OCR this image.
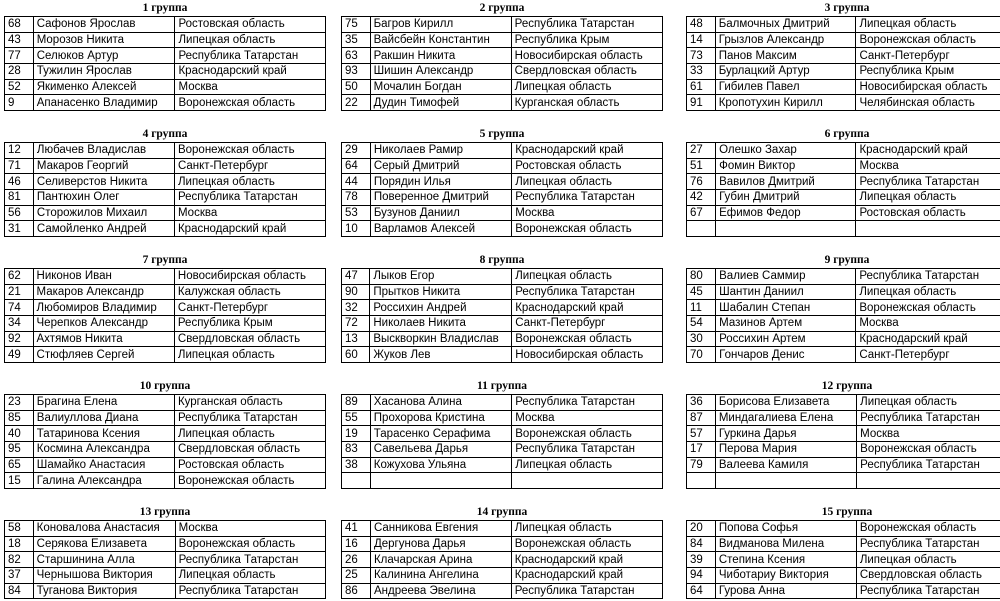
1 группа
68	Сафонов Ярослав	Ростовская область
43	Морозов Никита	Липецкая область
77	Селюков Артур	Республика Татарстан
28	Тужилин Ярослав	Краснодарский край
52	Якименко Алексей	Москва
9	Апанасенко Владимир	Воронежская область
2 группа
75	Багров Кирилл	Республика Татарстан
35	Вайсбейн Константин	Республика Крым
63	Ракшин Никита	Новосибирская область
93	Шишин Александр	Свердловская область
50	Мочалин Богдан	Липецкая область
22	Дудин Тимофей	Курганская область
3 группа
48	Балмочных Дмитрий	Липецкая область
14	Грызлов Александр	Воронежская область
73	Панов Максим	Санкт-Петербург
33	Бурлацкий Артур	Республика Крым
61	Гибилев Павел	Новосибирская область
91	Кропотухин Кирилл	Челябинская область
4 группа
12	Любачев Владислав	Воронежская область
71	Макаров Георгий	Санкт-Петербург
46	Селиверстов Никита	Липецкая область
81	Пантюхин Олег	Республика Татарстан
56	Сторожилов Михаил	Москва
31	Самойленко Андрей	Краснодарский край
5 группа
29	Николаев Рамир	Краснодарский край
64	Серый Дмитрий	Ростовская область
44	Порядин Илья	Липецкая область
78	Поверенное Дмитрий	Республика Татарстан
53	Бузунов Даниил	Москва
10	Варламов Алексей	Воронежская область
6 группа
27	Олешко Захар	Краснодарский край
51	Фомин Виктор	Москва
76	Вавилов Дмитрий	Республика Татарстан
42	Губин Дмитрий	Липецкая область
67	Ефимов Федор	Ростовская область

7 группа
62	Никонов Иван	Новосибирская область
21	Макаров Александр	Калужская область
74	Любомиров Владимир	Санкт-Петербург
34	Черепков Александр	Республика Крым
92	Ахтямов Никита	Свердловская область
49	Стюфляев Сергей	Липецкая область
8 группа
47	Лыков Егор	Липецкая область
90	Прытков Никита	Республика Татарстан
32	Россихин Андрей	Краснодарский край
72	Николаев Никита	Санкт-Петербург
13	Выскворкин Владислав	Воронежская область
60	Жуков Лев	Новосибирская область
9 группа
80	Валиев Саммир	Республика Татарстан
45	Шантин Даниил	Липецкая область
11	Шабалин Степан	Воронежская область
54	Мазинов Артем	Москва
30	Россихин Артем	Краснодарский край
70	Гончаров Денис	Санкт-Петербург
10 группа
23	Брагина Елена	Курганская область
85	Валиуллова Диана	Республика Татарстан
40	Татаринова Ксения	Липецкая область
95	Космина Александра	Свердловская область
65	Шамайко Анастасия	Ростовская область
15	Галина Александра	Воронежская область
11 группа
89	Хасанова Алина	Республика Татарстан
55	Прохорова Кристина	Москва
19	Тарасенко Серафима	Воронежская область
83	Савельева Дарья	Республика Татарстан
38	Кожухова Ульяна	Липецкая область

12 группа
36	Борисова Елизавета	Липецкая область
87	Миндагалиева Елена	Республика Татарстан
57	Гуркина Дарья	Москва
17	Перова Мария	Воронежская область
79	Валеева Камиля	Республика Татарстан

13 группа
58	Коновалова Анастасия	Москва
18	Серякова Елизавета	Воронежская область
82	Старшинина Алла	Республика Татарстан
37	Чернышова Виктория	Липецкая область
84	Туганова Виктория	Республика Татарстан
14 группа
41	Санникова Евгения	Липецкая область
16	Дергунова Дарья	Воронежская область
26	Клачарская Арина	Краснодарский край
25	Калинина Ангелина	Краснодарский край
86	Андреева Эвелина	Республика Татарстан
15 группа
20	Попова Софья	Воронежская область
84	Видманова Милена	Республика Татарстан
39	Степина Ксения	Липецкая область
94	Чиботариу Виктория	Свердловская область
64	Гурова Анна	Республика Татарстан
